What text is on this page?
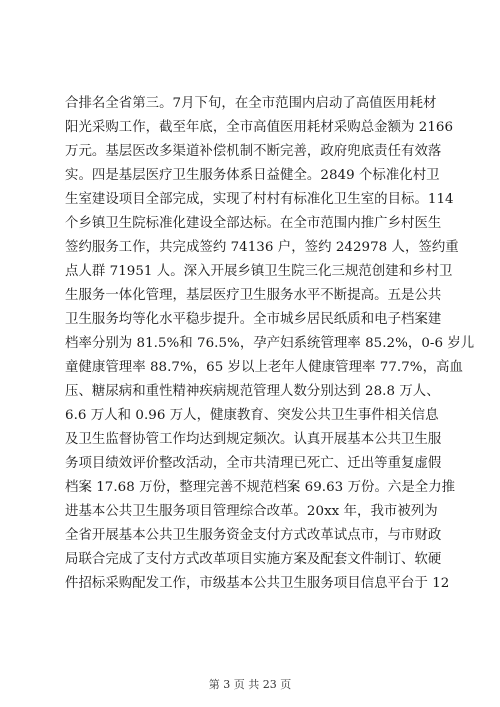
合排名全省第三。7月下旬，在全市范围内启动了高值医用耗材
阳光采购工作，截至年底，全市高值医用耗材采购总金额为 2166
万元。基层医改多渠道补偿机制不断完善，政府兜底责任有效落
实。四是基层医疗卫生服务体系日益健全。2849 个标准化村卫
生室建设项目全部完成，实现了村村有标准化卫生室的目标。114
个乡镇卫生院标准化建设全部达标。在全市范围内推广乡村医生
签约服务工作，共完成签约 74136 户，签约 242978 人，签约重
点人群 71951 人。深入开展乡镇卫生院三化三规范创建和乡村卫
生服务一体化管理，基层医疗卫生服务水平不断提高。五是公共
卫生服务均等化水平稳步提升。全市城乡居民纸质和电子档案建
档率分别为 81.5%和 76.5%，孕产妇系统管理率 85.2%，0-6 岁儿
童健康管理率 88.7%，65 岁以上老年人健康管理率 77.7%，高血
压、糖尿病和重性精神疾病规范管理人数分别达到 28.8 万人、
6.6 万人和 0.96 万人，健康教育、突发公共卫生事件相关信息
及卫生监督协管工作均达到规定频次。认真开展基本公共卫生服
务项目绩效评价整改活动，全市共清理已死亡、迁出等重复虚假
档案 17.68 万份，整理完善不规范档案 69.63 万份。六是全力推
进基本公共卫生服务项目管理综合改革。20xx 年，我市被列为
全省开展基本公共卫生服务资金支付方式改革试点市，与市财政
局联合完成了支付方式改革项目实施方案及配套文件制订、软硬
件招标采购配发工作，市级基本公共卫生服务项目信息平台于 12
第 3 页 共 23 页
